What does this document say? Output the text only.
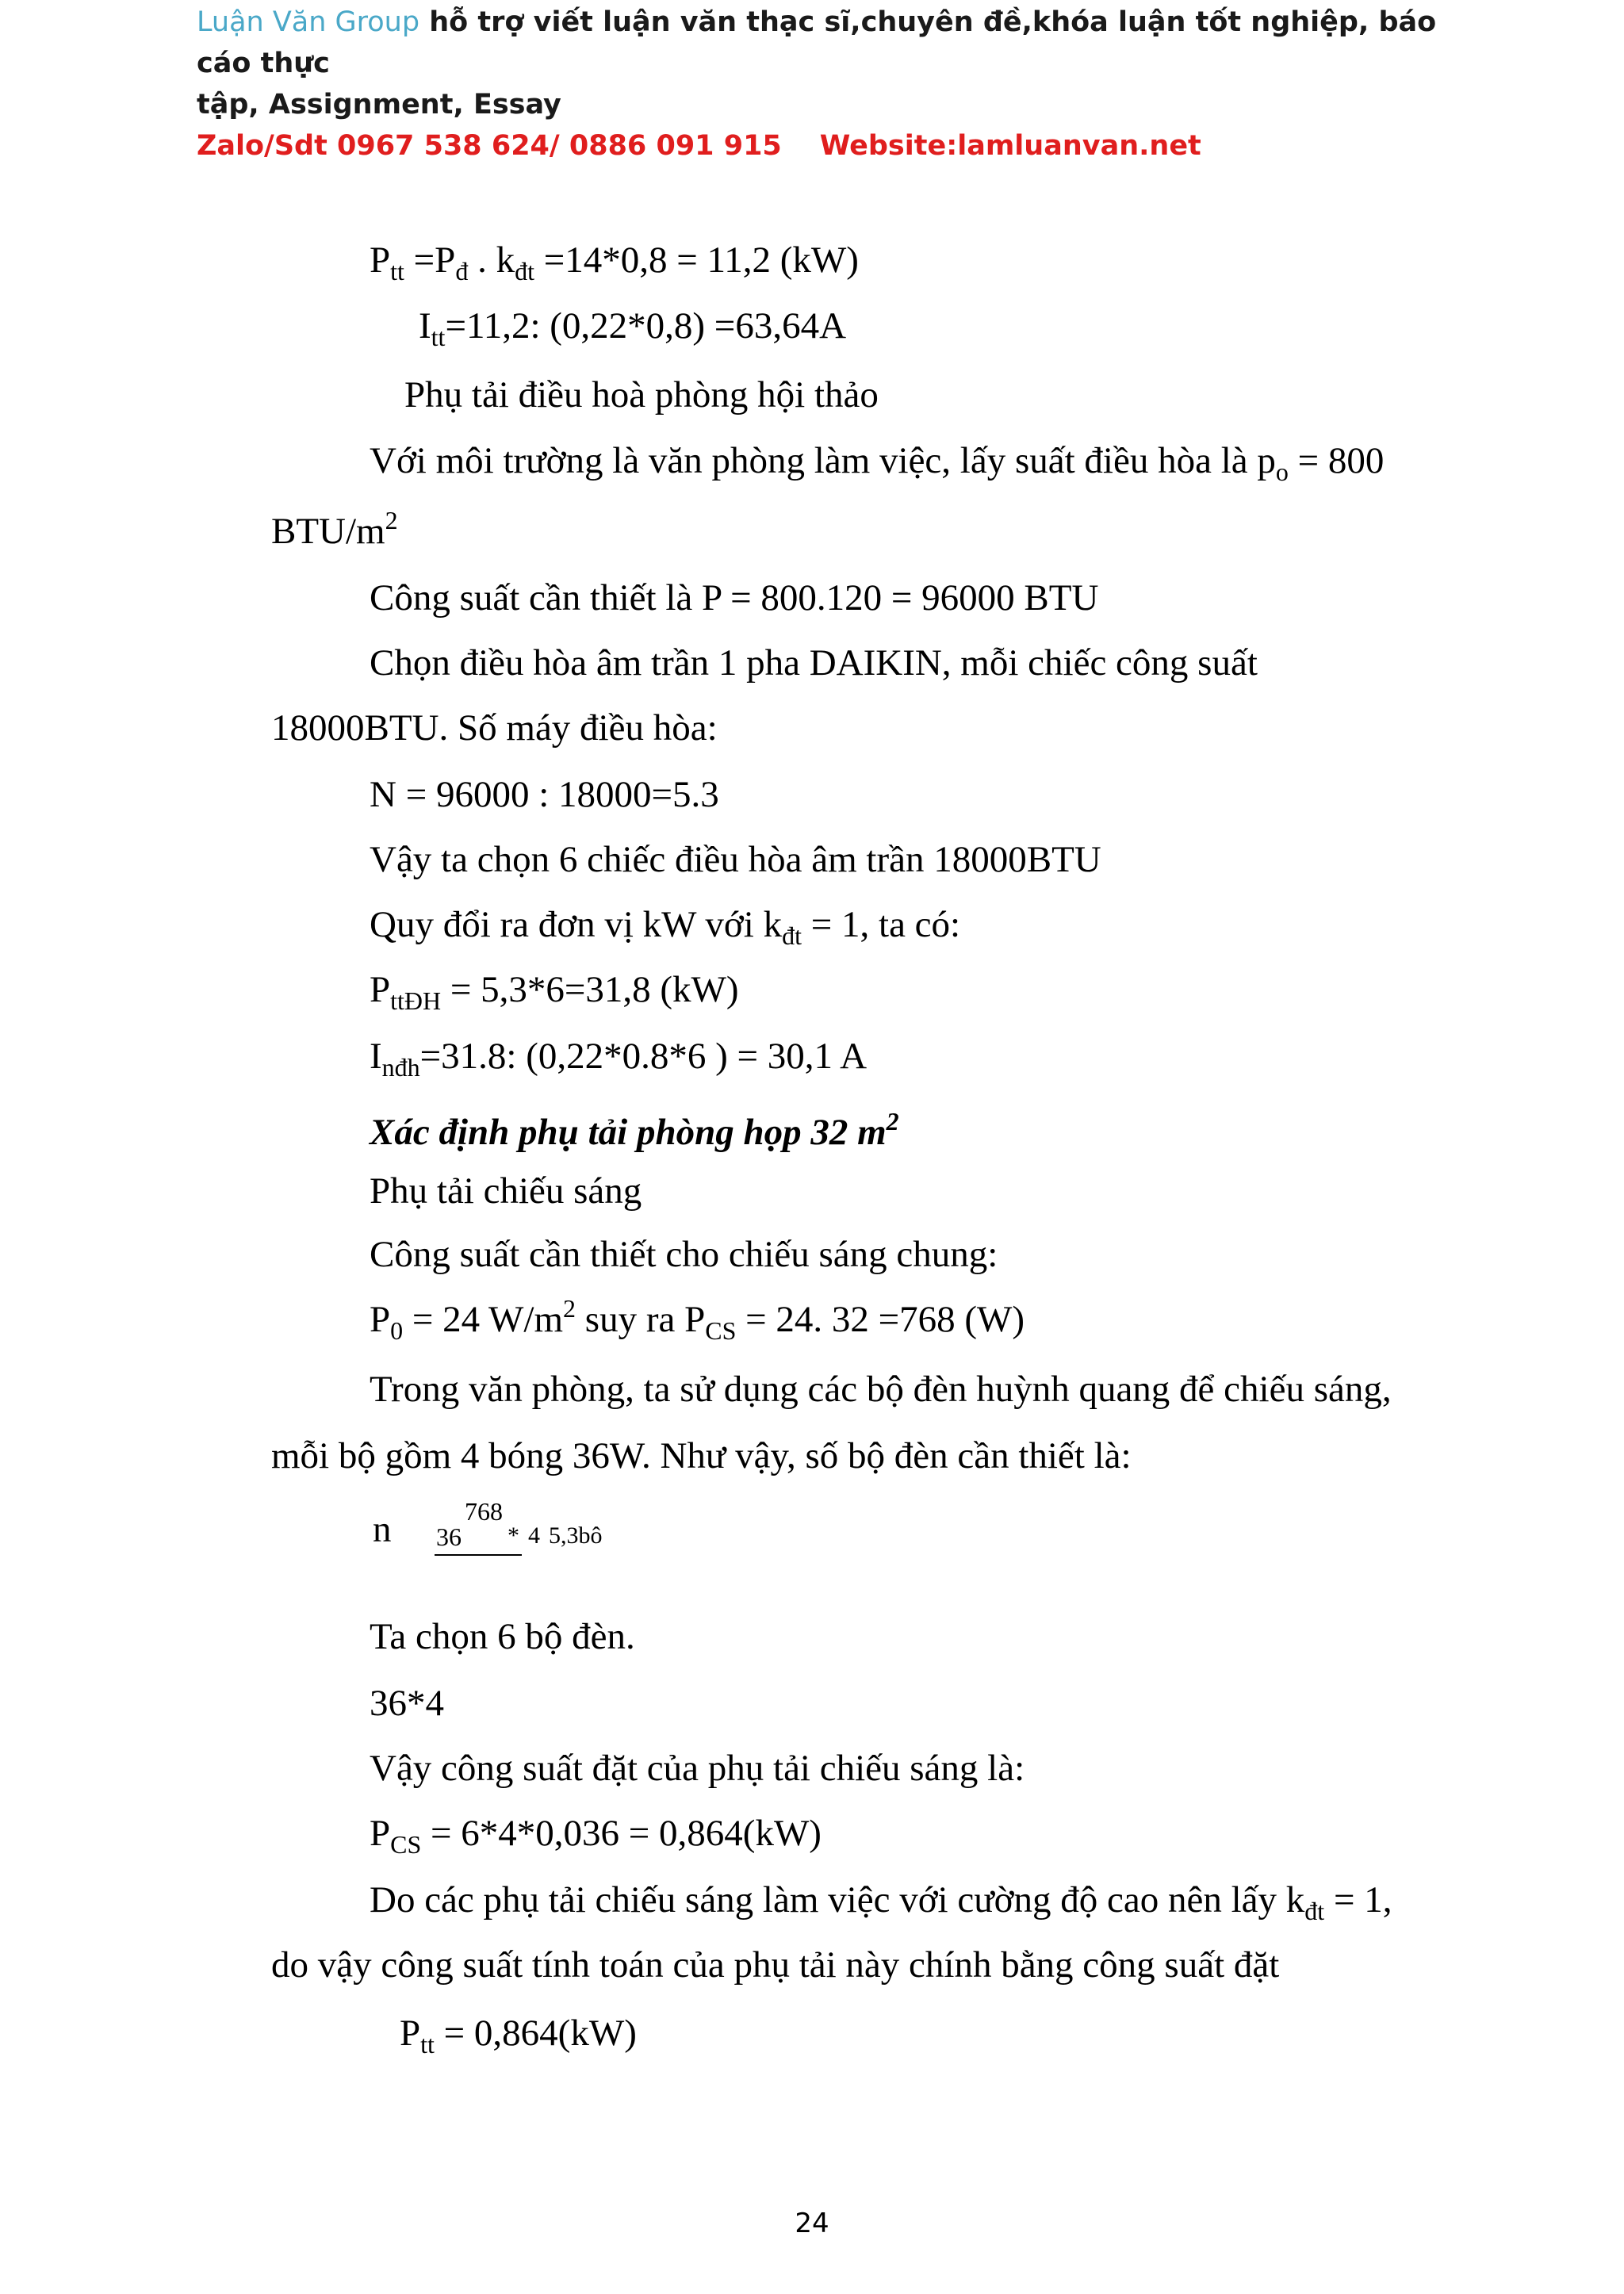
Luận Văn Group hỗ trợ viết luận văn thạc sĩ,chuyên đề,khóa luận tốt nghiệp, báo cáo thực
tập, Assignment, Essay
Zalo/Sdt 0967 538 624/ 0886 091 915 Website:lamluanvan.net
$P_{tt} =P_đ$ . $k_{đt} =14*0,8 = 11,2$ (kW)
$I_{tt}=11,2$: (0,22*0,8) =63,64A
Phụ tải điều hoà phòng hội thảo
Với môi trường là văn phòng làm việc, lấy suất điều hòa là $p_o = 800$
BTU/$m^2$
Công suất cần thiết là P = 800.120 = 96000 BTU
Chọn điều hòa âm trần 1 pha DAIKIN, mỗi chiếc công suất
18000BTU. Số máy điều hòa:
N = 96000 : 18000=5.3
Vậy ta chọn 6 chiếc điều hòa âm trần 18000BTU
Quy đổi ra đơn vị kW với $k_{đt} = 1$, ta có:
$P_{ttĐH} = 5,3*6=31,8$ (kW)
$I_{nđh}=31.8$: (0,22*0.8*6 ) = 30,1 A
Xác định phụ tải phòng họp 32 $m^2$
Phụ tải chiếu sáng
Công suất cần thiết cho chiếu sáng chung:
$P_0 = 24$ $W/m^2$ suy ra $P_{CS} = 24$. 32 =768 (W)
Trong văn phòng, ta sử dụng các bộ đèn huỳnh quang để chiếu sáng,
mỗi bộ gồm 4 bóng 36W. Như vậy, số bộ đèn cần thiết là:
n 36
768
* 4 5,3bô
Ta chọn 6 bộ đèn.
36*4
Vậy công suất đặt của phụ tải chiếu sáng là:
$P_{CS} = 6*4*0,036 = 0,864(kW)$
Do các phụ tải chiếu sáng làm việc với cường độ cao nên lấy $k_{đt} = 1$,
do vậy công suất tính toán của phụ tải này chính bằng công suất đặt
$P_{tt} = 0,864(kW)$
24
